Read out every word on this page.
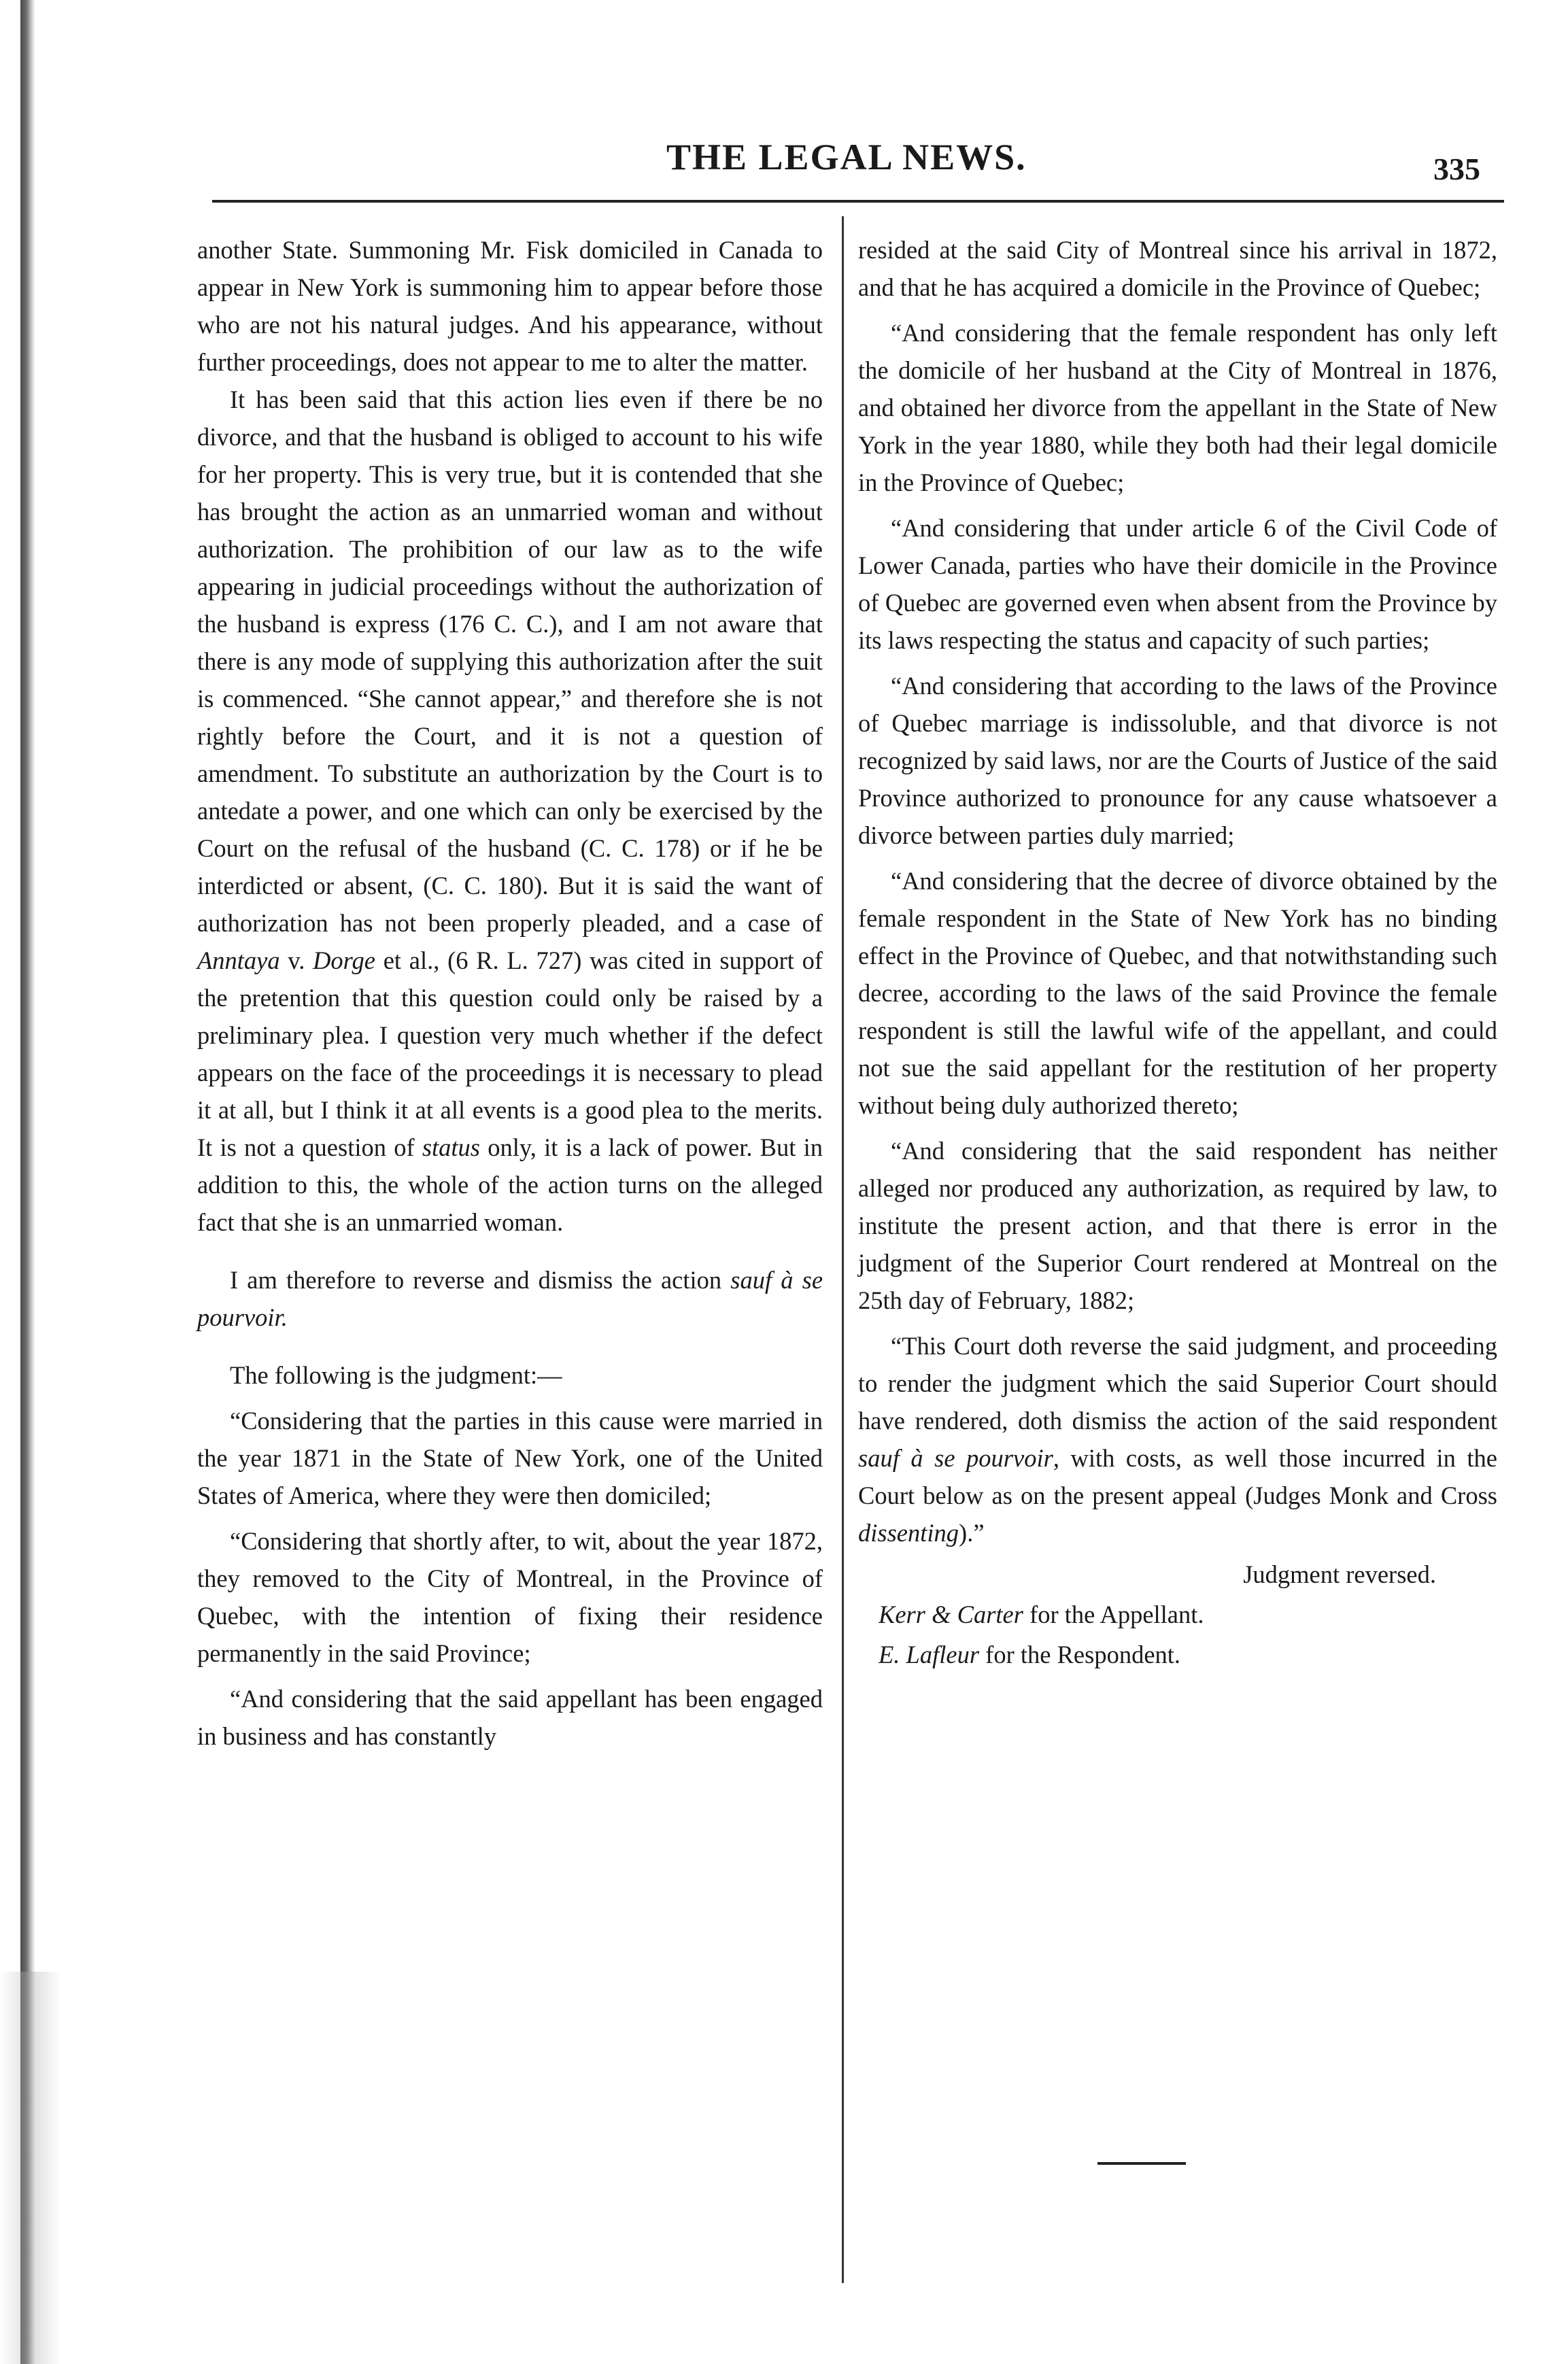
THE LEGAL NEWS.	335

another State. Summoning Mr. Fisk domiciled in Canada to appear in New York is summoning him to appear before those who are not his natural judges. And his appearance, without further proceedings, does not appear to me to alter the matter.

It has been said that this action lies even if there be no divorce, and that the husband is obliged to account to his wife for her property. This is very true, but it is contended that she has brought the action as an unmarried woman and without authorization. The prohibition of our law as to the wife appearing in judicial proceedings without the authorization of the husband is express (176 C. C.), and I am not aware that there is any mode of supplying this authorization after the suit is commenced. “She cannot appear,” and therefore she is not rightly before the Court, and it is not a question of amendment. To substitute an authorization by the Court is to antedate a power, and one which can only be exercised by the Court on the refusal of the husband (C. C. 178) or if he be interdicted or absent, (C. C. 180). But it is said the want of authorization has not been properly pleaded, and a case of Anntaya v. Dorge et al., (6 R. L. 727) was cited in support of the pretention that this question could only be raised by a preliminary plea. I question very much whether if the defect appears on the face of the proceedings it is necessary to plead it at all, but I think it at all events is a good plea to the merits. It is not a question of status only, it is a lack of power. But in addition to this, the whole of the action turns on the alleged fact that she is an unmarried woman.

I am therefore to reverse and dismiss the action sauf à se pourvoir.

The following is the judgment:—

“Considering that the parties in this cause were married in the year 1871 in the State of New York, one of the United States of America, where they were then domiciled;

“Considering that shortly after, to wit, about the year 1872, they removed to the City of Montreal, in the Province of Quebec, with the intention of fixing their residence permanently in the said Province;

“And considering that the said appellant has been engaged in business and has constantly

resided at the said City of Montreal since his arrival in 1872, and that he has acquired a domicile in the Province of Quebec;

“And considering that the female respondent has only left the domicile of her husband at the City of Montreal in 1876, and obtained her divorce from the appellant in the State of New York in the year 1880, while they both had their legal domicile in the Province of Quebec;

“And considering that under article 6 of the Civil Code of Lower Canada, parties who have their domicile in the Province of Quebec are governed even when absent from the Province by its laws respecting the status and capacity of such parties;

“And considering that according to the laws of the Province of Quebec marriage is indissoluble, and that divorce is not recognized by said laws, nor are the Courts of Justice of the said Province authorized to pronounce for any cause whatsoever a divorce between parties duly married;

“And considering that the decree of divorce obtained by the female respondent in the State of New York has no binding effect in the Province of Quebec, and that notwithstanding such decree, according to the laws of the said Province the female respondent is still the lawful wife of the appellant, and could not sue the said appellant for the restitution of her property without being duly authorized thereto;

“And considering that the said respondent has neither alleged nor produced any authorization, as required by law, to institute the present action, and that there is error in the judgment of the Superior Court rendered at Montreal on the 25th day of February, 1882;

“This Court doth reverse the said judgment, and proceeding to render the judgment which the said Superior Court should have rendered, doth dismiss the action of the said respondent sauf à se pourvoir, with costs, as well those incurred in the Court below as on the present appeal (Judges Monk and Cross dissenting).”

Judgment reversed.

Kerr & Carter for the Appellant.

E. Lafleur for the Respondent.
